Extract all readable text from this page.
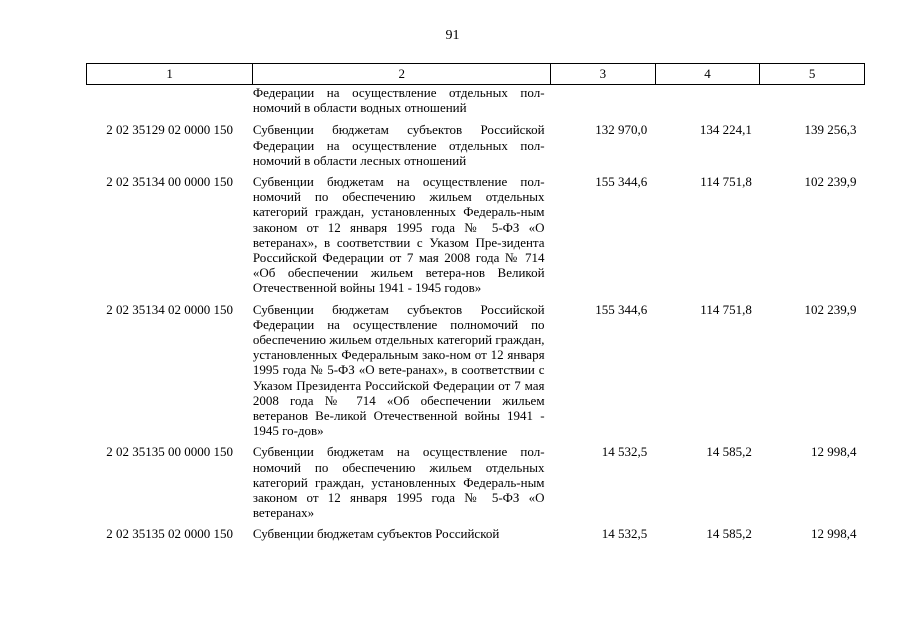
91
1	2	3	4	5

	Федерации на осуществление отдельных пол-номочий в области водных отношений			

2 02 35129 02 0000 150	Субвенции бюджетам субъектов Российской Федерации на осуществление отдельных пол-номочий в области лесных отношений	132 970,0	134 224,1	139 256,3
2 02 35134 00 0000 150	Субвенции бюджетам на осуществление пол-номочий по обеспечению жильем отдельных категорий граждан, установленных Федераль-ным законом от 12 января 1995 года № 5-ФЗ «О ветеранах», в соответствии с Указом Пре-зидента Российской Федерации от 7 мая 2008 года № 714 «Об обеспечении жильем ветера-нов Великой Отечественной войны 1941 - 1945 годов»	155 344,6	114 751,8	102 239,9
2 02 35134 02 0000 150	Субвенции бюджетам субъектов Российской Федерации на осуществление полномочий по обеспечению жильем отдельных категорий граждан, установленных Федеральным зако-ном от 12 января 1995 года № 5-ФЗ «О вете-ранах», в соответствии с Указом Президента Российской Федерации от 7 мая 2008 года № 714 «Об обеспечении жильем ветеранов Ве-ликой Отечественной войны 1941 - 1945 го-дов»	155 344,6	114 751,8	102 239,9
2 02 35135 00 0000 150	Субвенции бюджетам на осуществление пол-номочий по обеспечению жильем отдельных категорий граждан, установленных Федераль-ным законом от 12 января 1995 года № 5-ФЗ «О ветеранах»	14 532,5	14 585,2	12 998,4
2 02 35135 02 0000 150	Субвенции бюджетам субъектов Российской	14 532,5	14 585,2	12 998,4
